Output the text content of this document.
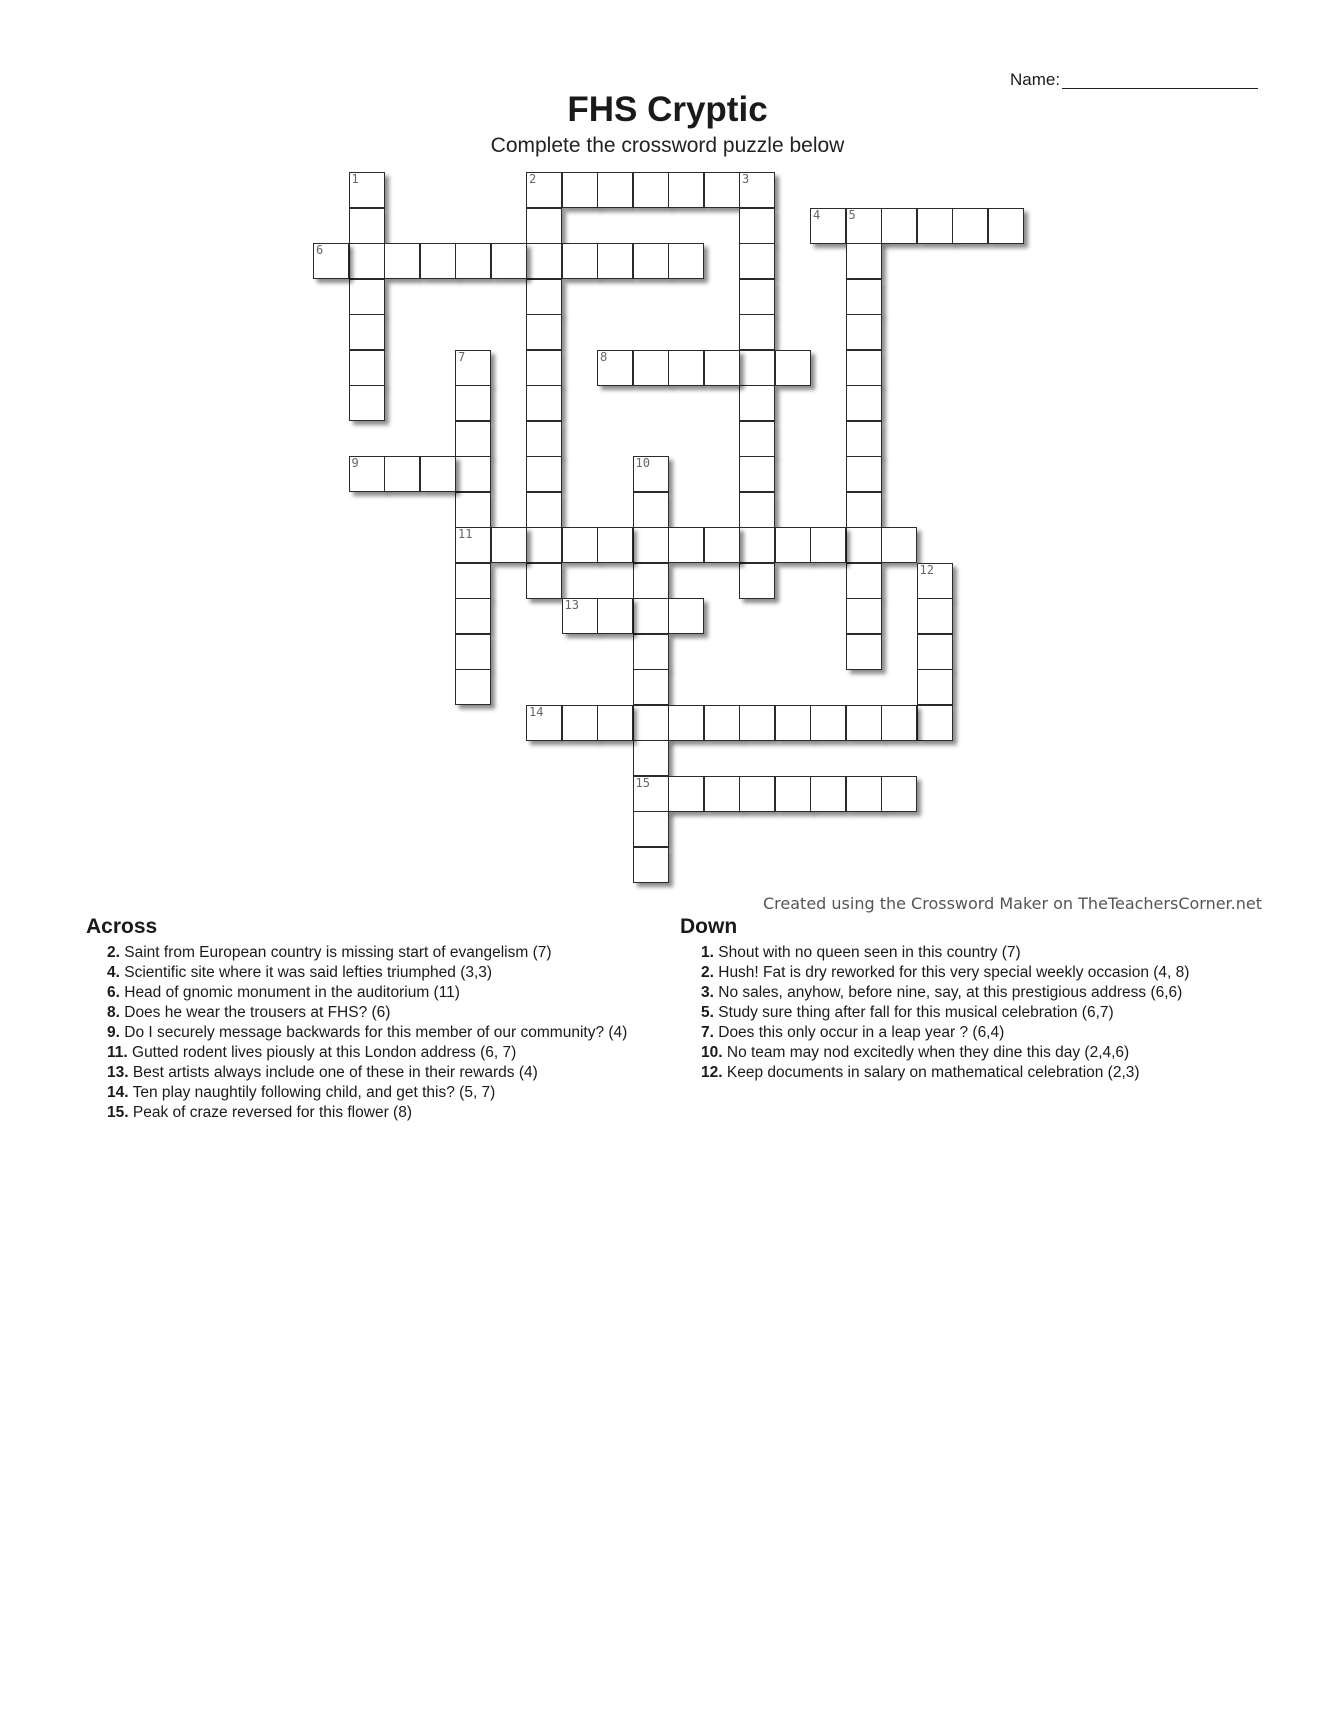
Name:
FHS Cryptic
Complete the crossword puzzle below
1	2	3
4 5
6
7
11
8
9	10
15
12
13
14
Created using the Crossword Maker on TheTeachersCorner.net
Across
2. Saint from European country is missing start of evangelism (7)
4. Scientific site where it was said lefties triumphed (3,3)
6. Head of gnomic monument in the auditorium (11)
8. Does he wear the trousers at FHS? (6)
9. Do I securely message backwards for this member of our community? (4)
11. Gutted rodent lives piously at this London address (6, 7)
13. Best artists always include one of these in their rewards (4)
14. Ten play naughtily following child, and get this? (5, 7)
15. Peak of craze reversed for this flower (8)
Down
1. Shout with no queen seen in this country (7)
2. Hush! Fat is dry reworked for this very special weekly occasion (4, 8)
3. No sales, anyhow, before nine, say, at this prestigious address (6,6)
5. Study sure thing after fall for this musical celebration (6,7)
7. Does this only occur in a leap year ? (6,4)
10. No team may nod excitedly when they dine this day (2,4,6)
12. Keep documents in salary on mathematical celebration (2,3)
